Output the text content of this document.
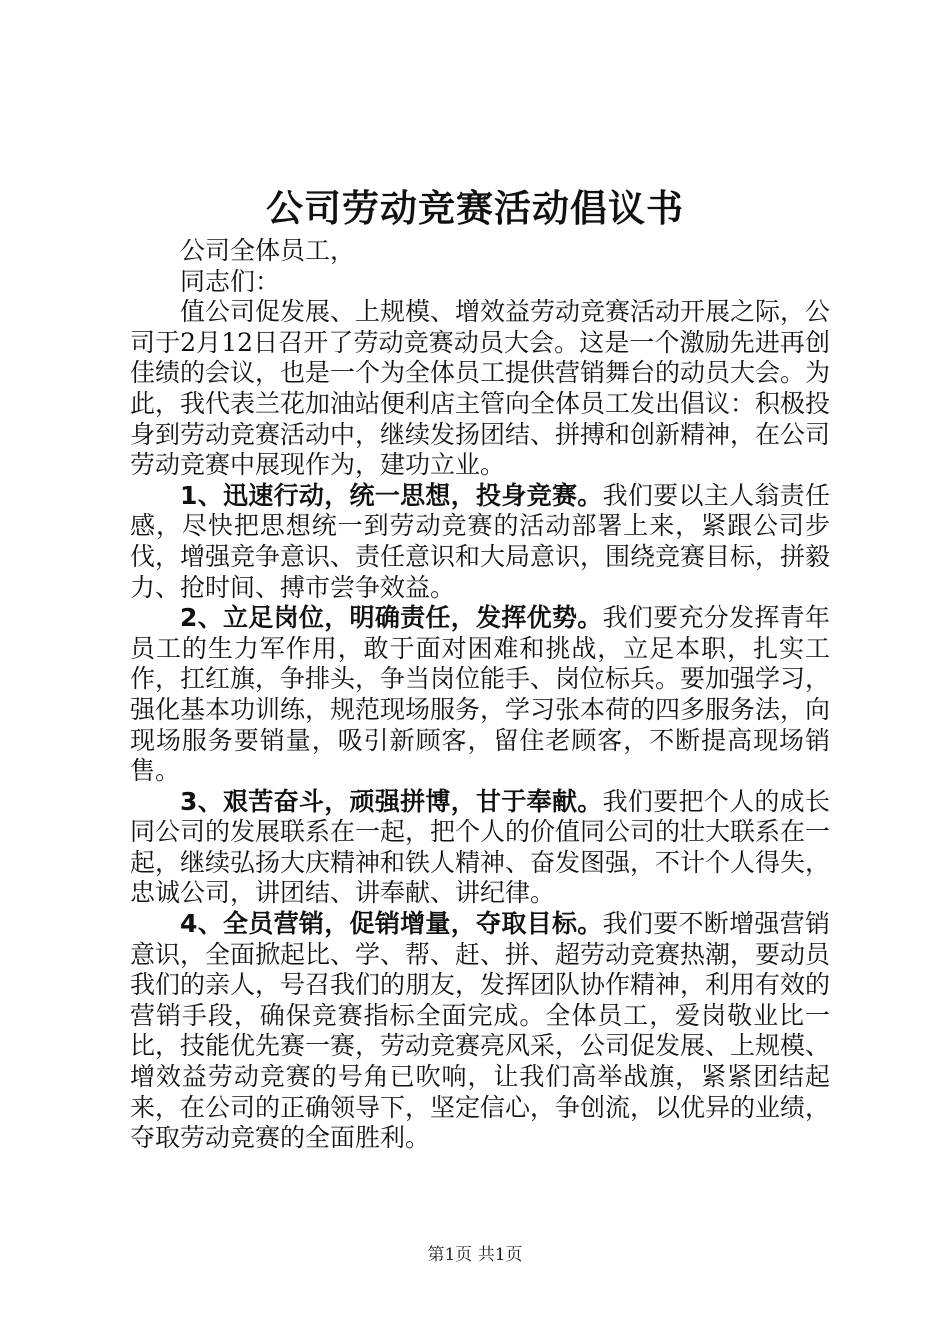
公司劳动竞赛活动倡议书

公司全体员工，

同志们：

值公司促发展、上规模、增效益劳动竞赛活动开展之际，公司于2月12日召开了劳动竞赛动员大会。这是一个激励先进再创佳绩的会议，也是一个为全体员工提供营销舞台的动员大会。为此，我代表兰花加油站便利店主管向全体员工发出倡议：积极投身到劳动竞赛活动中，继续发扬团结、拼搏和创新精神，在公司劳动竞赛中展现作为，建功立业。

1、迅速行动，统一思想，投身竞赛。我们要以主人翁责任感，尽快把思想统一到劳动竞赛的活动部署上来，紧跟公司步伐，增强竞争意识、责任意识和大局意识，围绕竞赛目标，拼毅力、抢时间、搏市尝争效益。

2、立足岗位，明确责任，发挥优势。我们要充分发挥青年员工的生力军作用，敢于面对困难和挑战，立足本职，扎实工作，扛红旗，争排头，争当岗位能手、岗位标兵。要加强学习，强化基本功训练，规范现场服务，学习张本荷的四多服务法，向现场服务要销量，吸引新顾客，留住老顾客，不断提高现场销售。

3、艰苦奋斗，顽强拼博，甘于奉献。我们要把个人的成长同公司的发展联系在一起，把个人的价值同公司的壮大联系在一起，继续弘扬大庆精神和铁人精神、奋发图强，不计个人得失，忠诚公司，讲团结、讲奉献、讲纪律。

4、全员营销，促销增量，夺取目标。我们要不断增强营销意识，全面掀起比、学、帮、赶、拼、超劳动竞赛热潮，要动员我们的亲人，号召我们的朋友，发挥团队协作精神，利用有效的营销手段，确保竞赛指标全面完成。全体员工，爱岗敬业比一比，技能优先赛一赛，劳动竞赛亮风采，公司促发展、上规模、增效益劳动竞赛的号角已吹响，让我们高举战旗，紧紧团结起来，在公司的正确领导下，坚定信心，争创流，以优异的业绩，夺取劳动竞赛的全面胜利。

第1页 共1页
